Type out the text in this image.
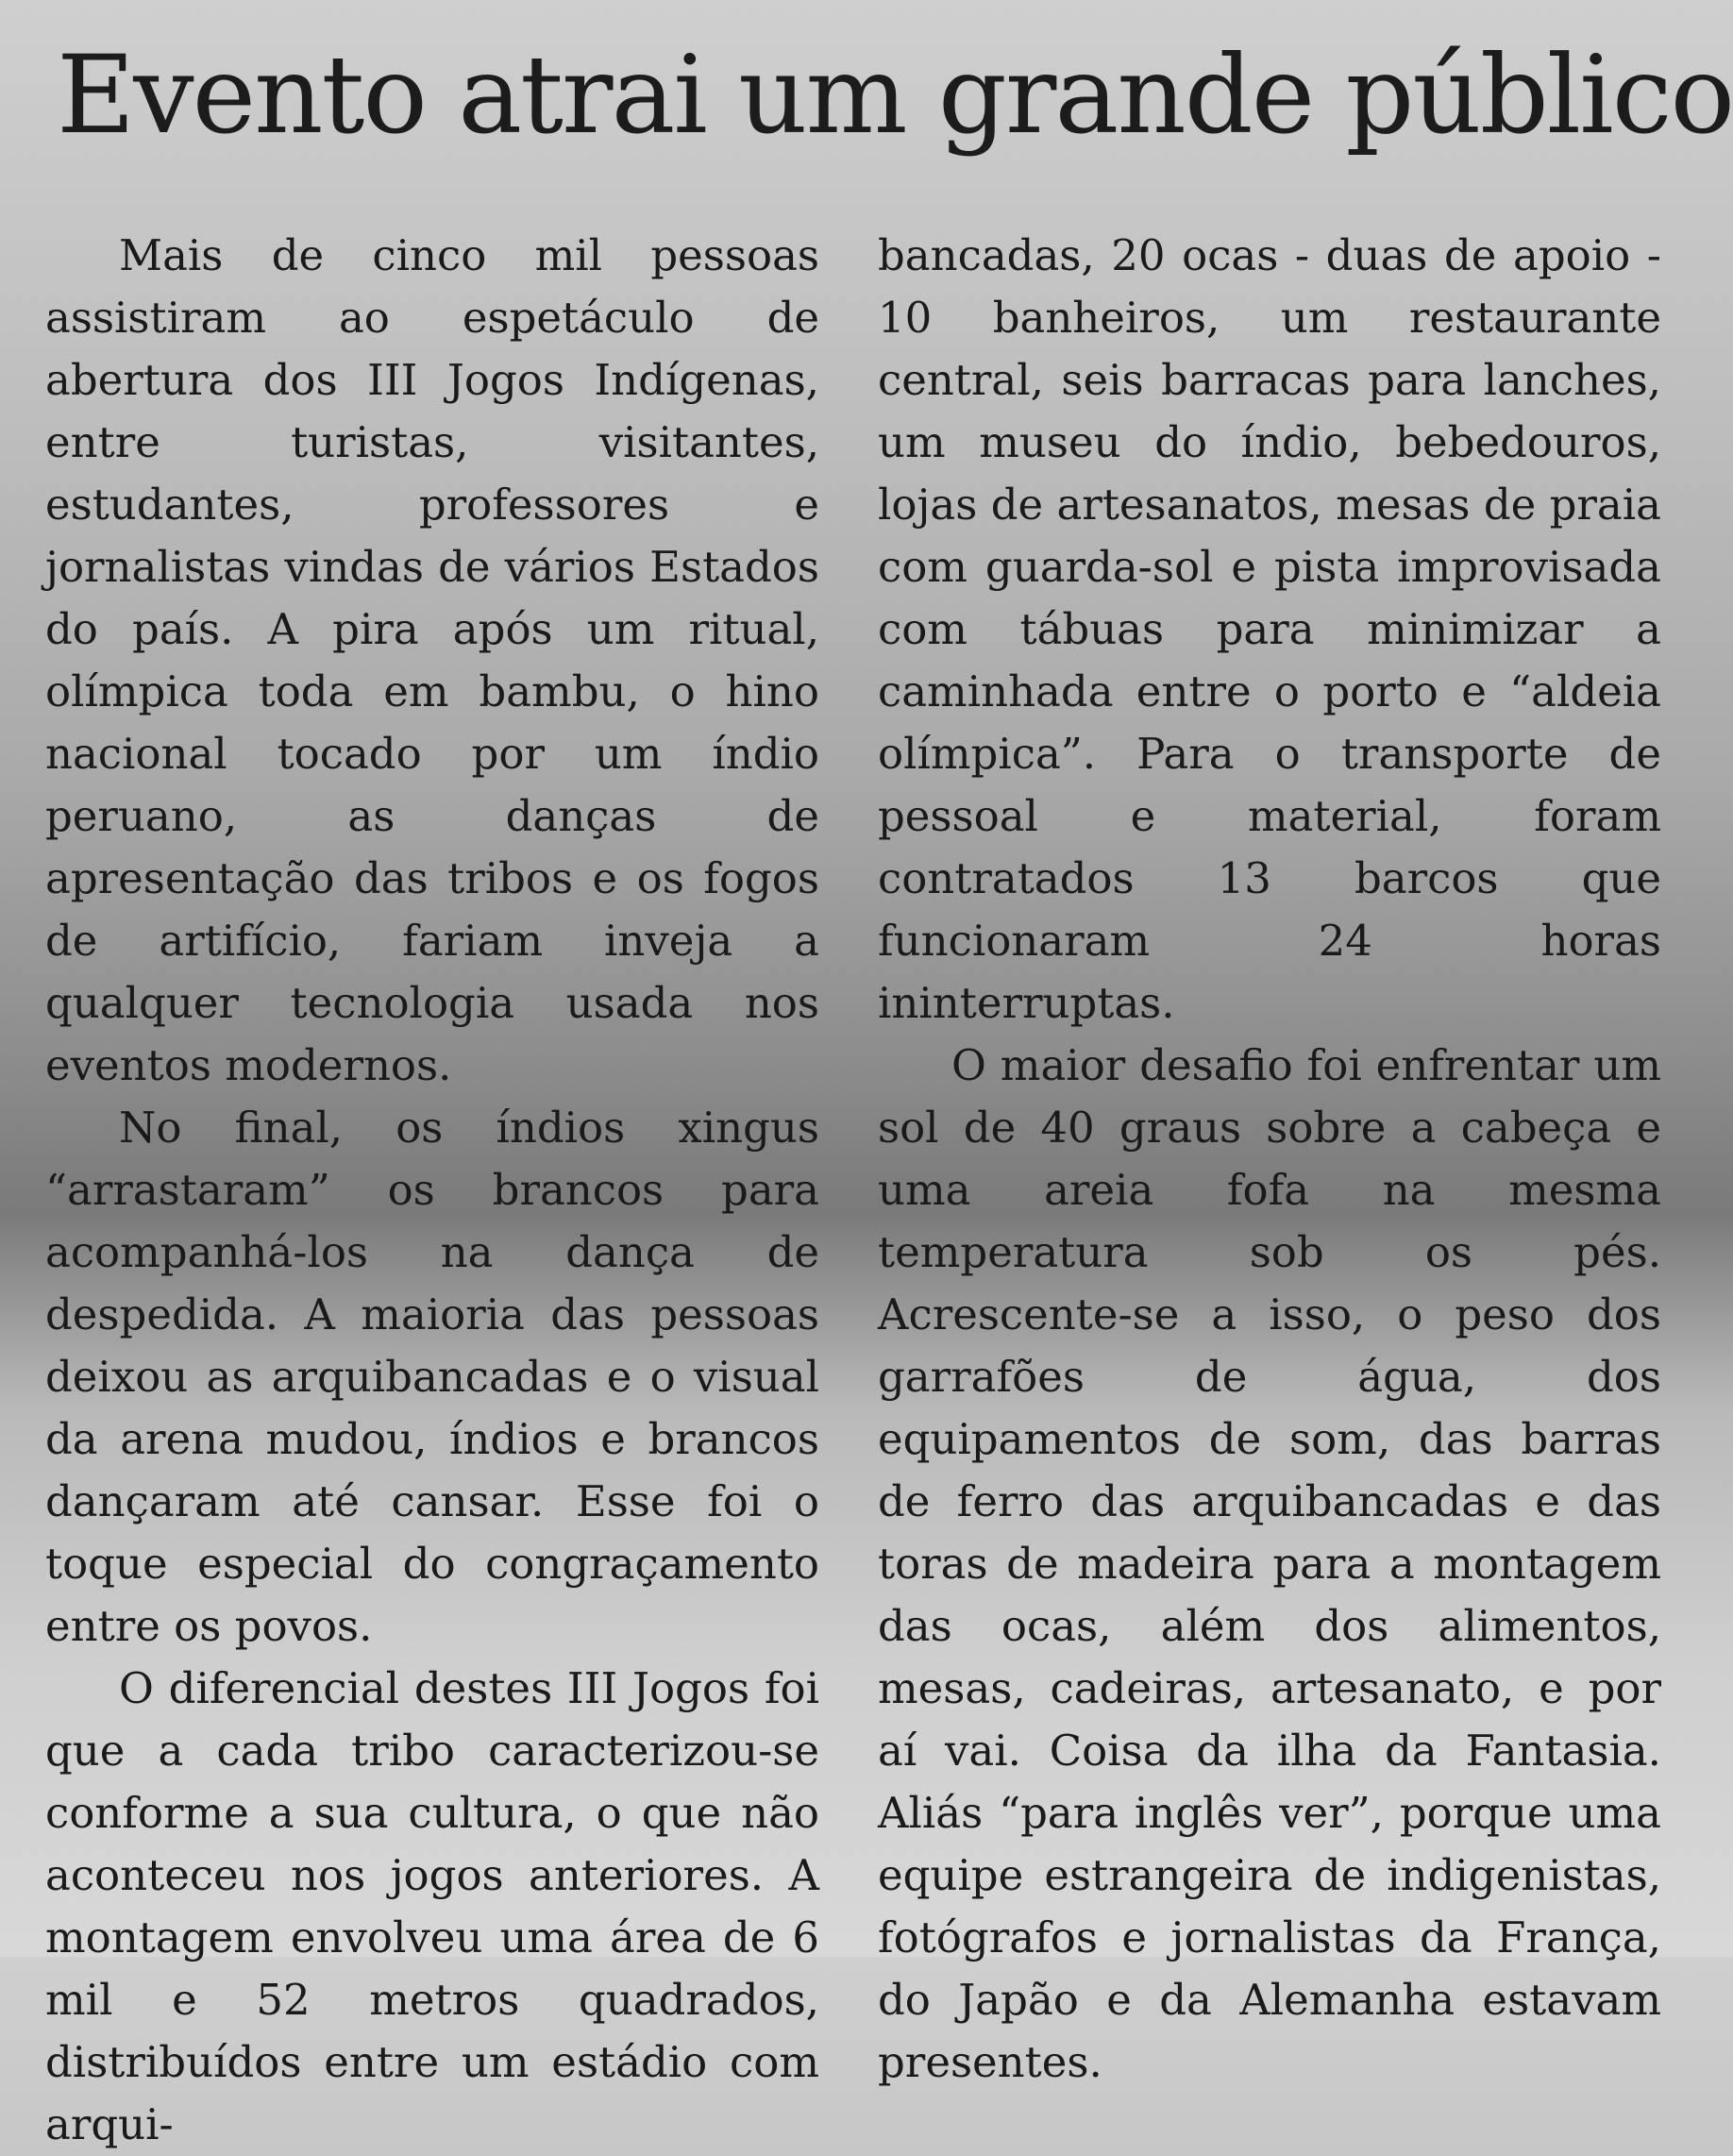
Evento atrai um grande público

Mais de cinco mil pessoas assistiram ao espetáculo de abertura dos III Jogos Indígenas, entre turistas, visitantes, estudantes, professores e jornalistas vindas de vários Estados do país. A pira após um ritual, olímpica toda em bambu, o hino nacional tocado por um índio peruano, as danças de apresentação das tribos e os fogos de artifício, fariam inveja a qualquer tecnologia usada nos eventos modernos.

No final, os índios xingus “arrastaram” os brancos para acompanhá-los na dança de despedida. A maioria das pessoas deixou as arquibancadas e o visual da arena mudou, índios e brancos dançaram até cansar. Esse foi o toque especial do congraçamento entre os povos.

O diferencial destes III Jogos foi que a cada tribo caracterizou-se conforme a sua cultura, o que não aconteceu nos jogos anteriores. A montagem envolveu uma área de 6 mil e 52 metros quadrados, distribuídos entre um estádio com arqui-

bancadas, 20 ocas - duas de apoio - 10 banheiros, um restaurante central, seis barracas para lanches, um museu do índio, bebedouros, lojas de artesanatos, mesas de praia com guarda-sol e pista improvisada com tábuas para minimizar a caminhada entre o porto e “aldeia olímpica”. Para o transporte de pessoal e material, foram contratados 13 barcos que funcionaram 24 horas ininterruptas.

O maior desafio foi enfrentar um sol de 40 graus sobre a cabeça e uma areia fofa na mesma temperatura sob os pés. Acrescente-se a isso, o peso dos garrafões de água, dos equipamentos de som, das barras de ferro das arquibancadas e das toras de madeira para a montagem das ocas, além dos alimentos, mesas, cadeiras, artesanato, e por aí vai. Coisa da ilha da Fantasia. Aliás “para inglês ver”, porque uma equipe estrangeira de indigenistas, fotógrafos e jornalistas da França, do Japão e da Alemanha estavam presentes.
